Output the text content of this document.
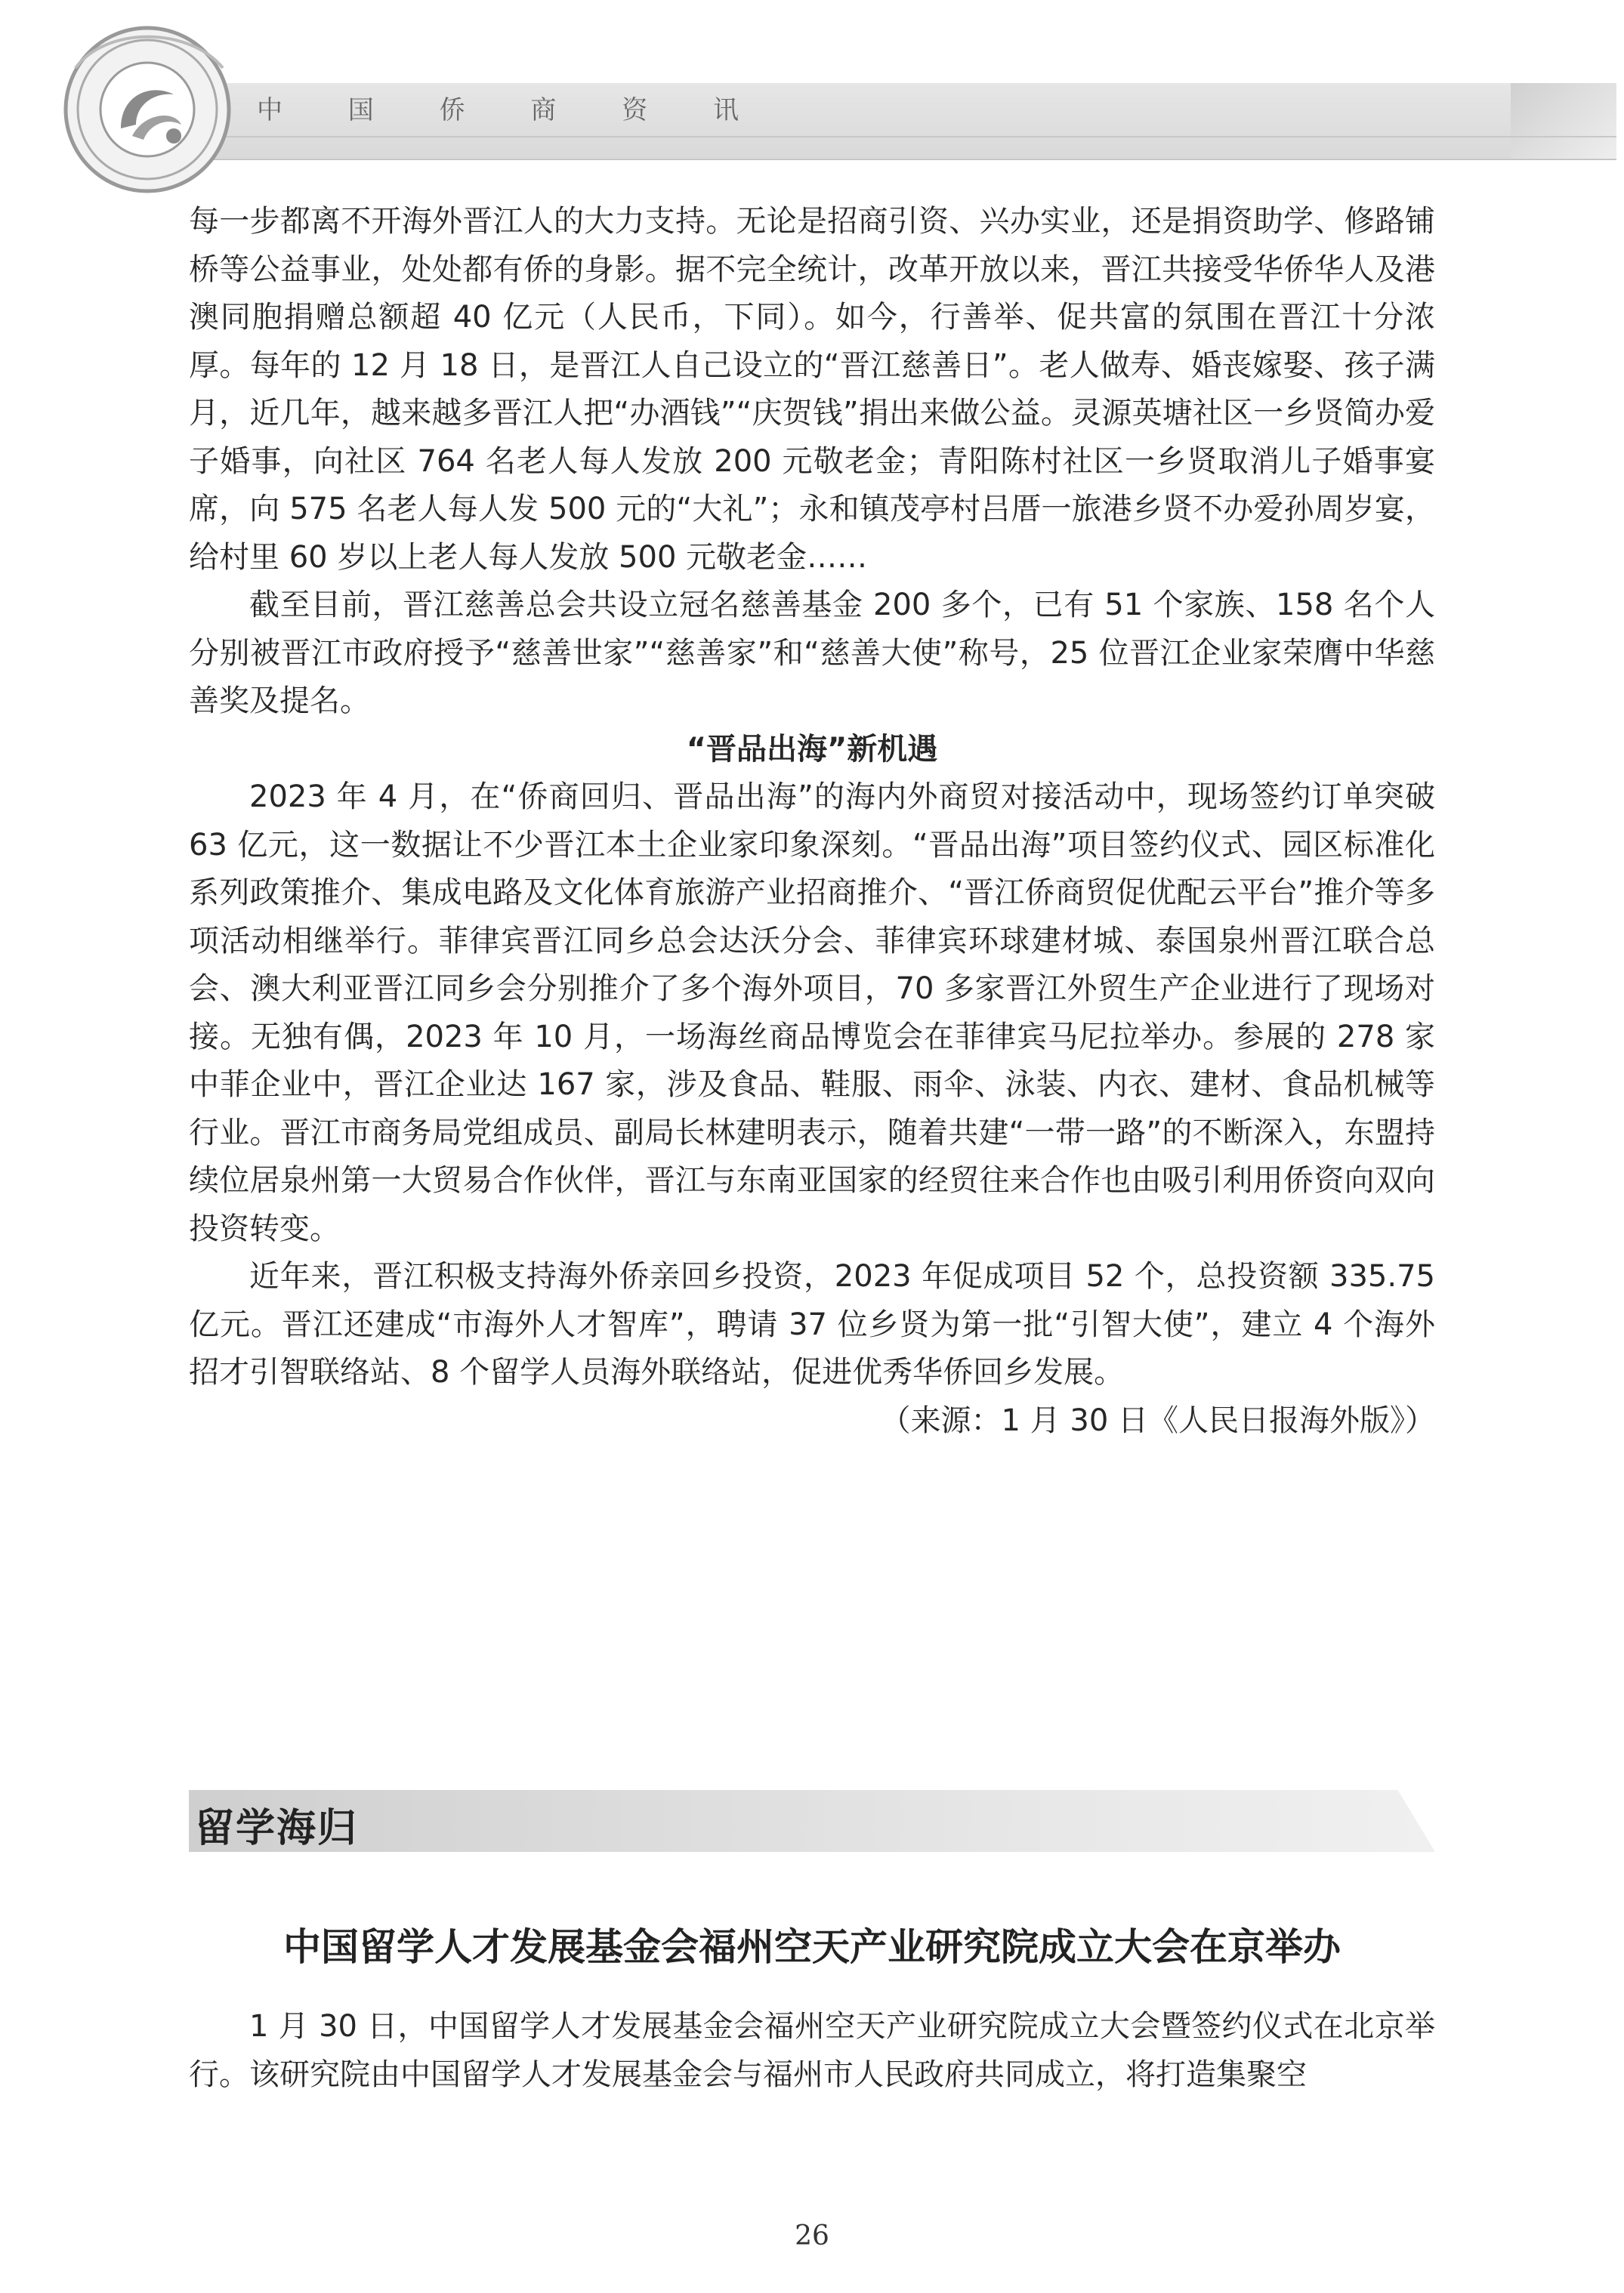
中 国 侨 商 资 讯

每一步都离不开海外晋江人的大力支持。无论是招商引资、兴办实业，还是捐资助学、修路铺桥等公益事业，处处都有侨的身影。据不完全统计，改革开放以来，晋江共接受华侨华人及港澳同胞捐赠总额超 40 亿元（人民币，下同）。如今，行善举、促共富的氛围在晋江十分浓厚。每年的 12 月 18 日，是晋江人自己设立的“晋江慈善日”。老人做寿、婚丧嫁娶、孩子满月，近几年，越来越多晋江人把“办酒钱”“庆贺钱”捐出来做公益。灵源英塘社区一乡贤简办爱子婚事，向社区 764 名老人每人发放 200 元敬老金；青阳陈村社区一乡贤取消儿子婚事宴席，向 575 名老人每人发 500 元的“大礼”；永和镇茂亭村吕厝一旅港乡贤不办爱孙周岁宴，给村里 60 岁以上老人每人发放 500 元敬老金……

截至目前，晋江慈善总会共设立冠名慈善基金 200 多个，已有 51 个家族、158 名个人分别被晋江市政府授予“慈善世家”“慈善家”和“慈善大使”称号，25 位晋江企业家荣膺中华慈善奖及提名。

“晋品出海”新机遇

2023 年 4 月，在“侨商回归、晋品出海”的海内外商贸对接活动中，现场签约订单突破 63 亿元，这一数据让不少晋江本土企业家印象深刻。“晋品出海”项目签约仪式、园区标准化系列政策推介、集成电路及文化体育旅游产业招商推介、“晋江侨商贸促优配云平台”推介等多项活动相继举行。菲律宾晋江同乡总会达沃分会、菲律宾环球建材城、泰国泉州晋江联合总会、澳大利亚晋江同乡会分别推介了多个海外项目，70 多家晋江外贸生产企业进行了现场对接。无独有偶，2023 年 10 月，一场海丝商品博览会在菲律宾马尼拉举办。参展的 278 家中菲企业中，晋江企业达 167 家，涉及食品、鞋服、雨伞、泳装、内衣、建材、食品机械等行业。晋江市商务局党组成员、副局长林建明表示，随着共建“一带一路”的不断深入，东盟持续位居泉州第一大贸易合作伙伴，晋江与东南亚国家的经贸往来合作也由吸引利用侨资向双向投资转变。

近年来，晋江积极支持海外侨亲回乡投资，2023 年促成项目 52 个，总投资额 335.75 亿元。晋江还建成“市海外人才智库”，聘请 37 位乡贤为第一批“引智大使”，建立 4 个海外招才引智联络站、8 个留学人员海外联络站，促进优秀华侨回乡发展。

（来源：1 月 30 日《人民日报海外版》）

留学海归
中国留学人才发展基金会福州空天产业研究院成立大会在京举办

1 月 30 日，中国留学人才发展基金会福州空天产业研究院成立大会暨签约仪式在北京举行。该研究院由中国留学人才发展基金会与福州市人民政府共同成立，将打造集聚空

26
